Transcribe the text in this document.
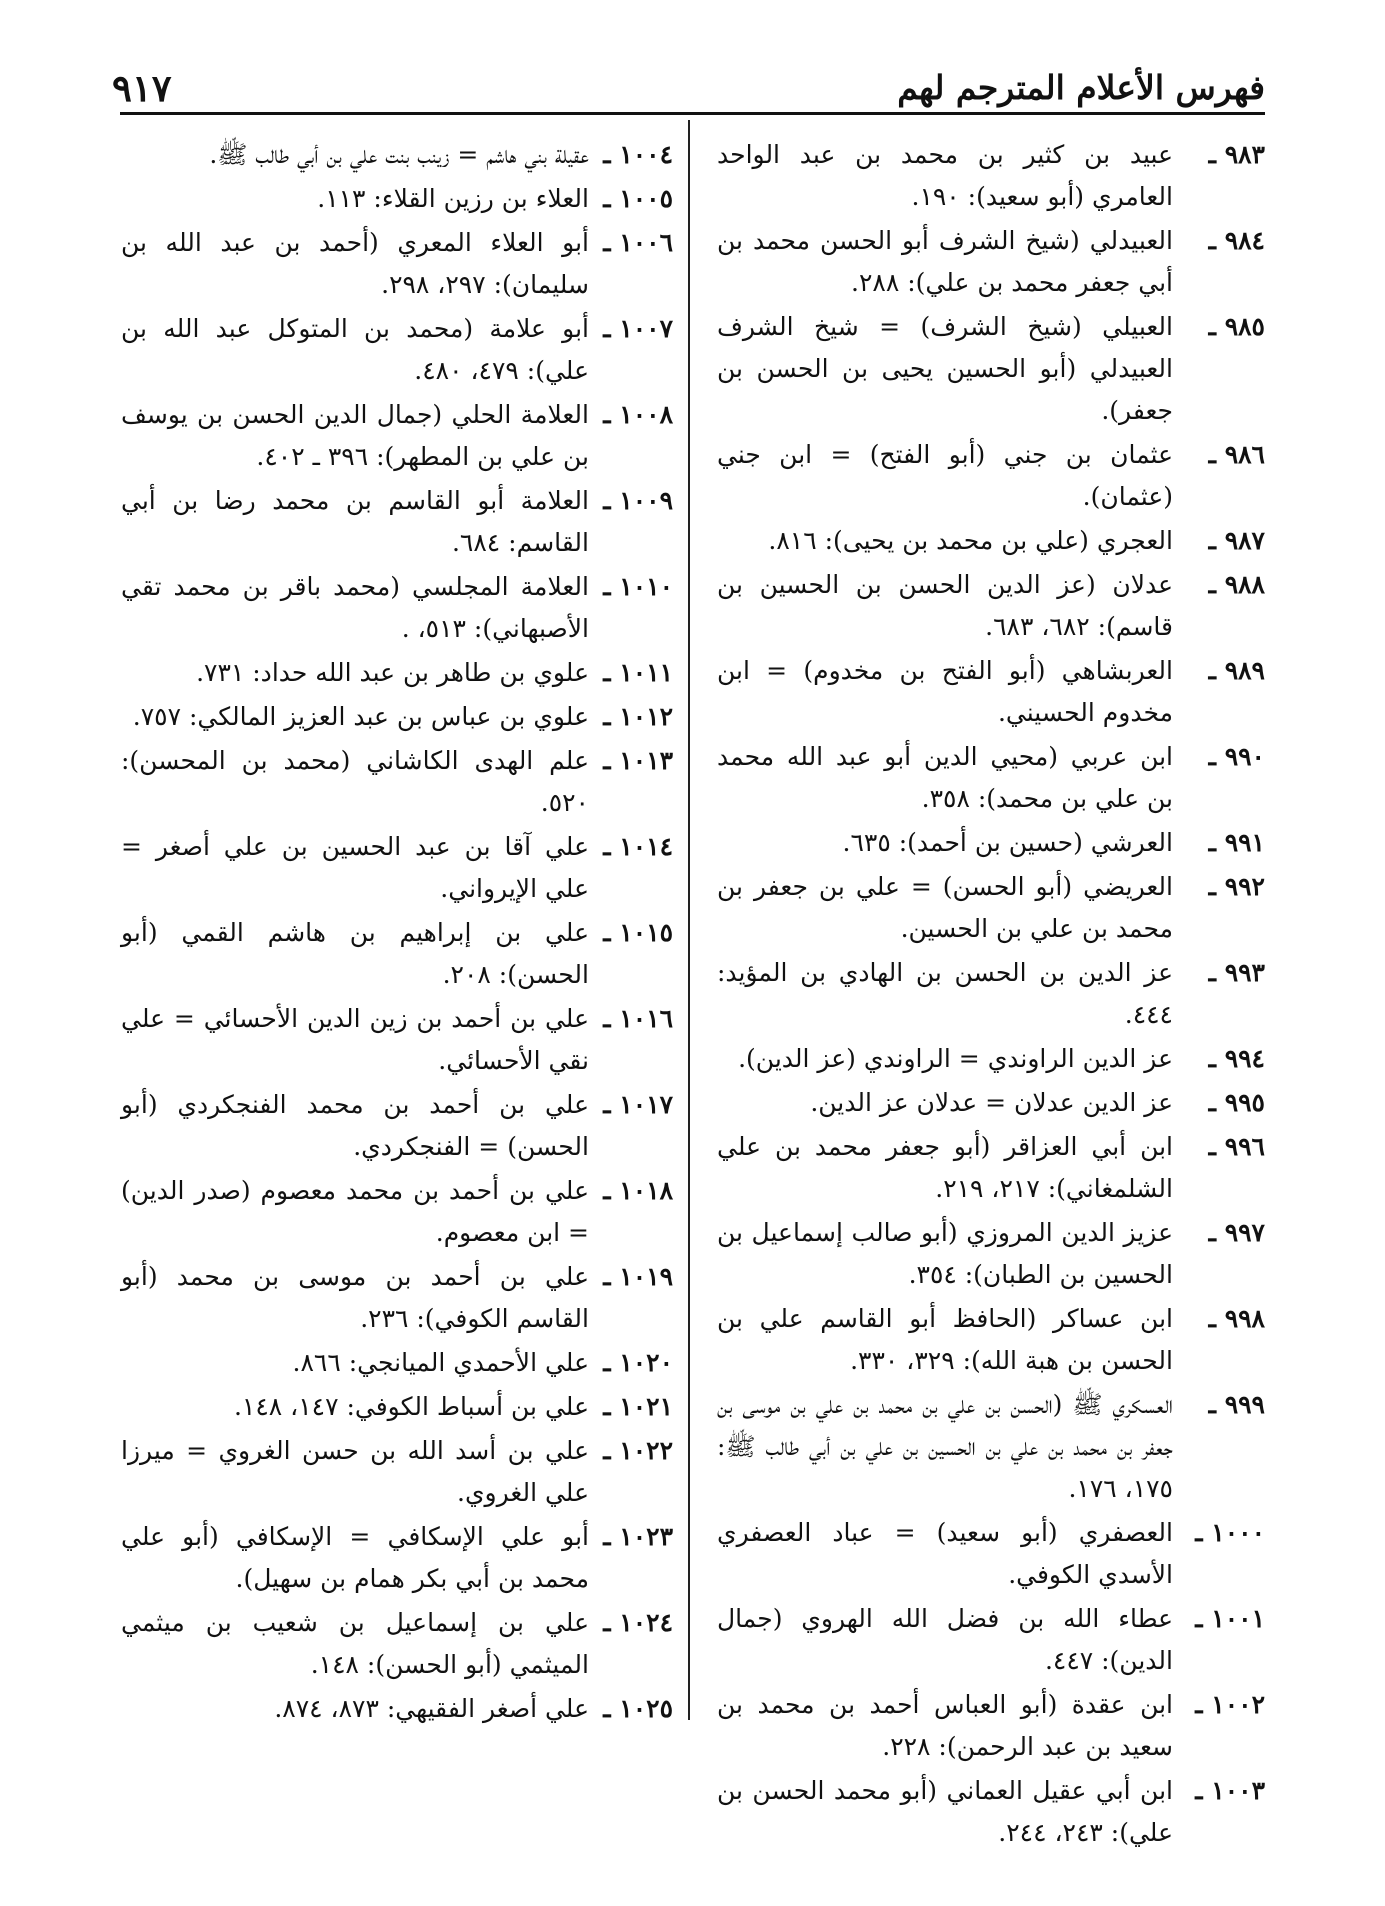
فهرس الأعلام المترجم لهم
٩١٧
٩٨٣ ـ
عبيد بن كثير بن محمد بن عبد الواحد العامري (أبو سعيد): ١٩٠.
٩٨٤ ـ
العبيدلي (شيخ الشرف أبو الحسن محمد بن أبي جعفر محمد بن علي): ٢٨٨.
٩٨٥ ـ
العبيلي (شيخ الشرف) = شيخ الشرف العبيدلي (أبو الحسين يحيى بن الحسن بن جعفر).
٩٨٦ ـ
عثمان بن جني (أبو الفتح) = ابن جني (عثمان).
٩٨٧ ـ
العجري (علي بن محمد بن يحيى): ٨١٦.
٩٨٨ ـ
عدلان (عز الدين الحسن بن الحسين بن قاسم): ٦٨٢، ٦٨٣.
٩٨٩ ـ
العربشاهي (أبو الفتح بن مخدوم) = ابن مخدوم الحسيني.
٩٩٠ ـ
ابن عربي (محيي الدين أبو عبد الله محمد بن علي بن محمد): ٣٥٨.
٩٩١ ـ
العرشي (حسين بن أحمد): ٦٣٥.
٩٩٢ ـ
العريضي (أبو الحسن) = علي بن جعفر بن محمد بن علي بن الحسين.
٩٩٣ ـ
عز الدين بن الحسن بن الهادي بن المؤيد: ٤٤٤.
٩٩٤ ـ
عز الدين الراوندي = الراوندي (عز الدين).
٩٩٥ ـ
عز الدين عدلان = عدلان عز الدين.
٩٩٦ ـ
ابن أبي العزاقر (أبو جعفر محمد بن علي الشلمغاني): ٢١٧، ٢١٩.
٩٩٧ ـ
عزيز الدين المروزي (أبو صالب إسماعيل بن الحسين بن الطبان): ٣٥٤.
٩٩٨ ـ
ابن عساكر (الحافظ أبو القاسم علي بن الحسن بن هبة الله): ٣٢٩، ٣٣٠.
٩٩٩ ـ
العسكري ﷺ (الحسن بن علي بن محمد بن علي بن موسى بن جعفر بن محمد بن علي بن الحسين بن علي بن أبي طالب ﷺ: ١٧٥، ١٧٦.
١٠٠٠ ـ
العصفري (أبو سعيد) = عباد العصفري الأسدي الكوفي.
١٠٠١ ـ
عطاء الله بن فضل الله الهروي (جمال الدين): ٤٤٧.
١٠٠٢ ـ
ابن عقدة (أبو العباس أحمد بن محمد بن سعيد بن عبد الرحمن): ٢٢٨.
١٠٠٣ ـ
ابن أبي عقيل العماني (أبو محمد الحسن بن علي): ٢٤٣، ٢٤٤.
١٠٠٤ ـ
عقيلة بني هاشم = زينب بنت علي بن أبي طالب ﷺ.
١٠٠٥ ـ
العلاء بن رزين القلاء: ١١٣.
١٠٠٦ ـ
أبو العلاء المعري (أحمد بن عبد الله بن سليمان): ٢٩٧، ٢٩٨.
١٠٠٧ ـ
أبو علامة (محمد بن المتوكل عبد الله بن علي): ٤٧٩، ٤٨٠.
١٠٠٨ ـ
العلامة الحلي (جمال الدين الحسن بن يوسف بن علي بن المطهر): ٣٩٦ ـ ٤٠٢.
١٠٠٩ ـ
العلامة أبو القاسم بن محمد رضا بن أبي القاسم: ٦٨٤.
١٠١٠ ـ
العلامة المجلسي (محمد باقر بن محمد تقي الأصبهاني): ٥١٣، .
١٠١١ ـ
علوي بن طاهر بن عبد الله حداد: ٧٣١.
١٠١٢ ـ
علوي بن عباس بن عبد العزيز المالكي: ٧٥٧.
١٠١٣ ـ
علم الهدى الكاشاني (محمد بن المحسن): ٥٢٠.
١٠١٤ ـ
علي آقا بن عبد الحسين بن علي أصغر = علي الإيرواني.
١٠١٥ ـ
علي بن إبراهيم بن هاشم القمي (أبو الحسن): ٢٠٨.
١٠١٦ ـ
علي بن أحمد بن زين الدين الأحسائي = علي نقي الأحسائي.
١٠١٧ ـ
علي بن أحمد بن محمد الفنجكردي (أبو الحسن) = الفنجكردي.
١٠١٨ ـ
علي بن أحمد بن محمد معصوم (صدر الدين) = ابن معصوم.
١٠١٩ ـ
علي بن أحمد بن موسى بن محمد (أبو القاسم الكوفي): ٢٣٦.
١٠٢٠ ـ
علي الأحمدي الميانجي: ٨٦٦.
١٠٢١ ـ
علي بن أسباط الكوفي: ١٤٧، ١٤٨.
١٠٢٢ ـ
علي بن أسد الله بن حسن الغروي = ميرزا علي الغروي.
١٠٢٣ ـ
أبو علي الإسكافي = الإسكافي (أبو علي محمد بن أبي بكر همام بن سهيل).
١٠٢٤ ـ
علي بن إسماعيل بن شعيب بن ميثمي الميثمي (أبو الحسن): ١٤٨.
١٠٢٥ ـ
علي أصغر الفقيهي: ٨٧٣، ٨٧٤.
